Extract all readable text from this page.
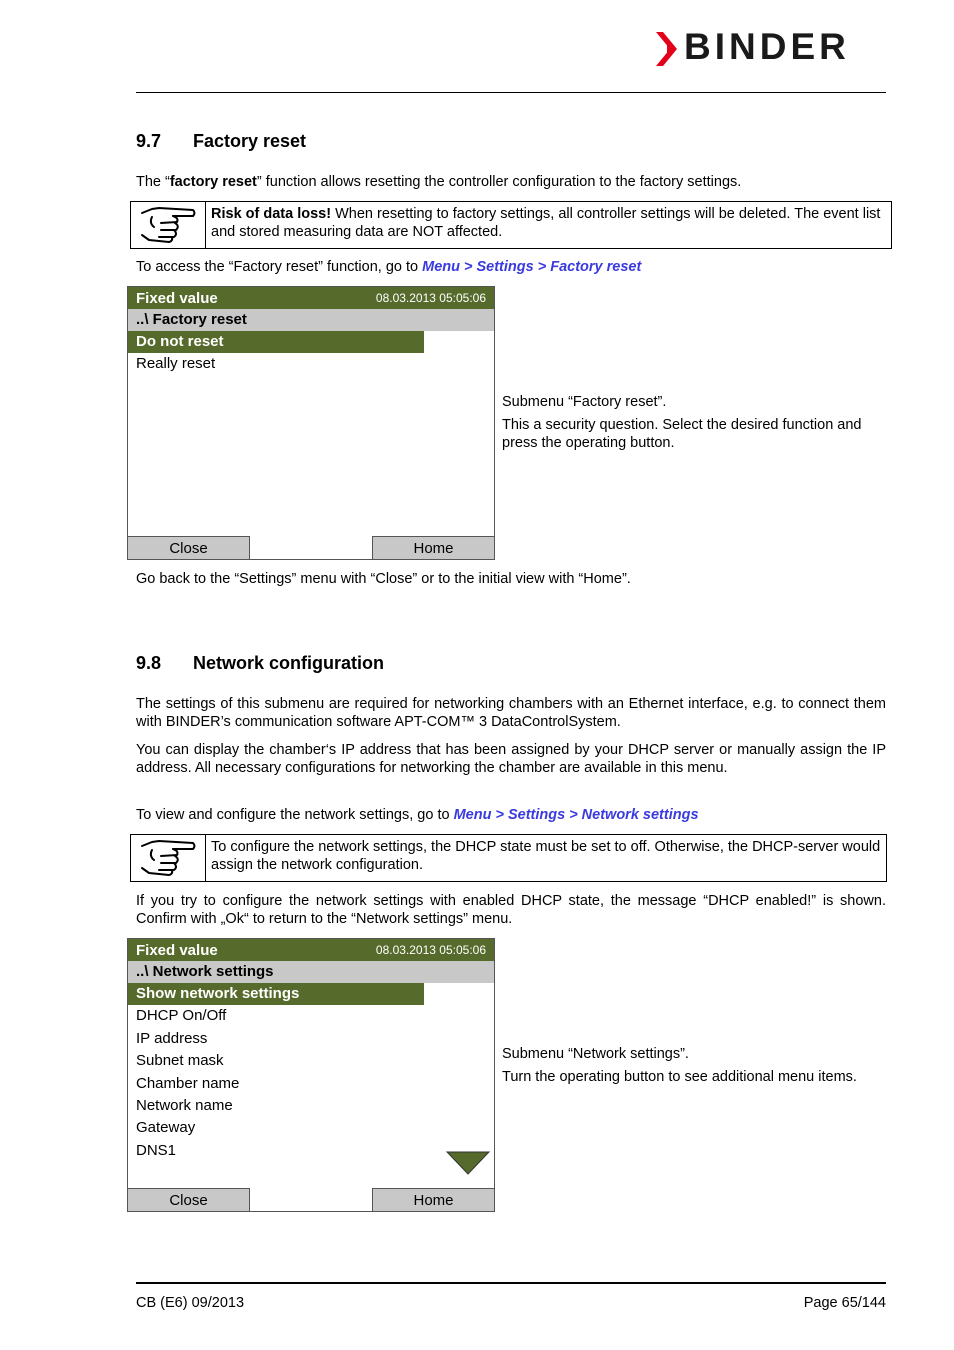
BINDER
9.7 Factory reset
The “factory reset” function allows resetting the controller configuration to the factory settings.
Risk of data loss! When resetting to factory settings, all controller settings will be deleted. The event list and stored measuring data are NOT affected.
To access the “Factory reset” function, go to Menu > Settings > Factory reset
Fixed value	08.03.2013 05:05:06
..\ Factory reset
Do not reset
Really reset
Close	Home
Submenu “Factory reset”.
This a security question. Select the desired function and press the operating button.
Go back to the “Settings” menu with “Close” or to the initial view with “Home”.
9.8 Network configuration
The settings of this submenu are required for networking chambers with an Ethernet interface, e.g. to connect them with BINDER’s communication software APT-COM™ 3 DataControlSystem.
You can display the chamber‘s IP address that has been assigned by your DHCP server or manually assign the IP address. All necessary configurations for networking the chamber are available in this menu.
To view and configure the network settings, go to Menu > Settings > Network settings
To configure the network settings, the DHCP state must be set to off. Otherwise, the DHCP-server would assign the network configuration.
If you try to configure the network settings with enabled DHCP state, the message “DHCP enabled!” is shown. Confirm with „Ok“ to return to the “Network settings” menu.
Fixed value	08.03.2013 05:05:06
..\ Network settings
Show network settings
DHCP On/Off
IP address
Subnet mask
Chamber name
Network name
Gateway
DNS1
Close	Home
Submenu “Network settings”.
Turn the operating button to see additional menu items.
CB (E6) 09/2013	Page 65/144
